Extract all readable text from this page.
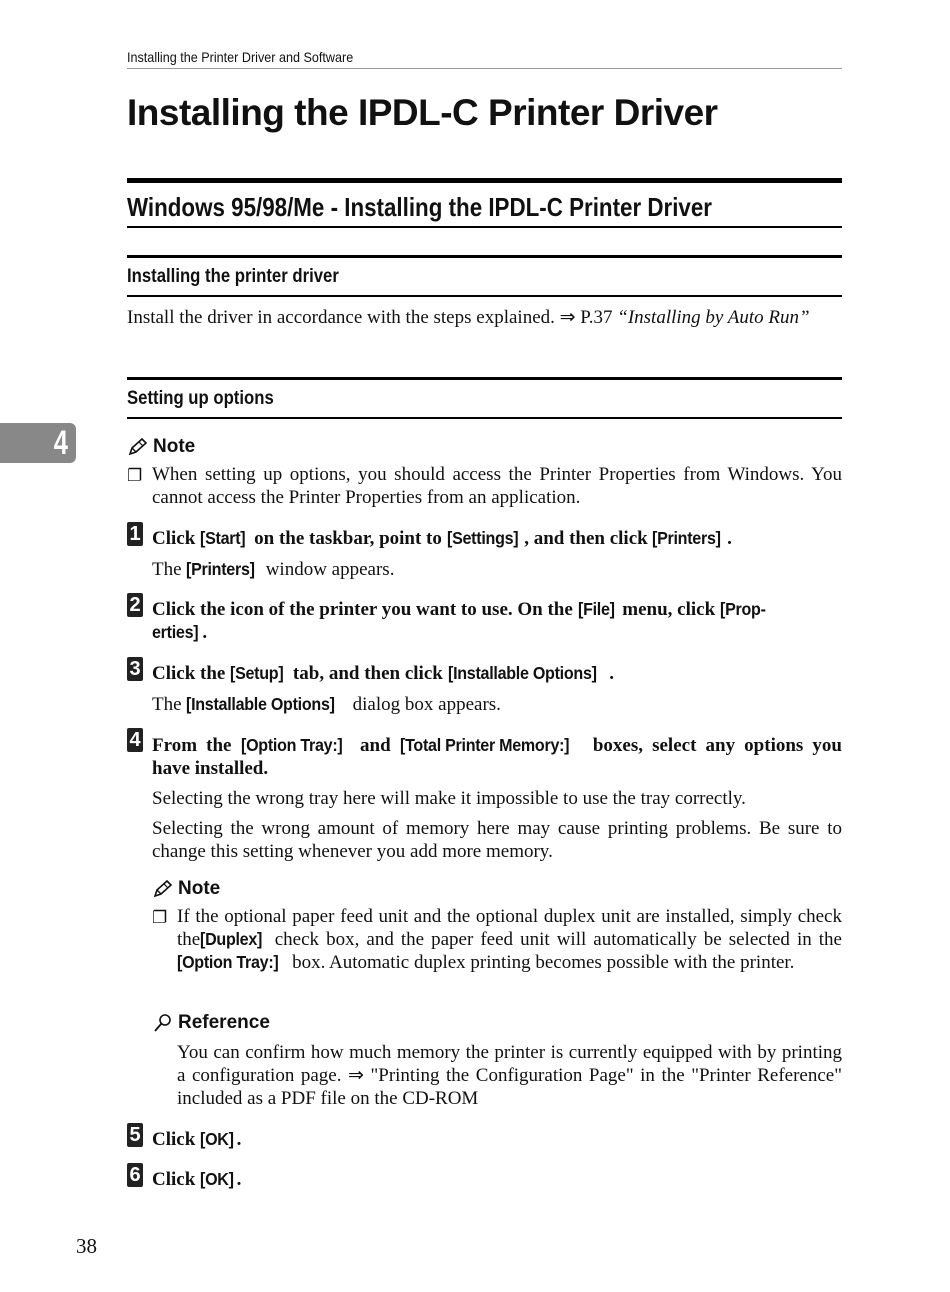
Installing the Printer Driver and Software
Installing the IPDL-C Printer Driver
Windows 95/98/Me - Installing the IPDL-C Printer Driver
Installing the printer driver
Install the driver in accordance with the steps explained. ⇒ P.37 “Installing by Auto Run”
Setting up options
4	Note
❐ When setting up options, you should access the Printer Properties from Windows. You cannot access the Printer Properties from an application.
1 Click [Start] on the taskbar, point to [Settings] , and then click [Printers] .
The [Printers] window appears.
2 Click the icon of the printer you want to use. On the [File] menu, click [Prop-
erties] .
3 Click the [Setup] tab, and then click [Installable Options] .
The [Installable Options] dialog box appears.
4 From the [Option Tray:] and [Total Printer Memory:] boxes, select any options you have installed.
Selecting the wrong tray here will make it impossible to use the tray correctly.
Selecting the wrong amount of memory here may cause printing problems. Be sure to change this setting whenever you add more memory.
Note
❐ If the optional paper feed unit and the optional duplex unit are installed, simply check the[Duplex] check box, and the paper feed unit will automatically be selected in the[Option Tray:] box. Automatic duplex printing becomes possible with the printer.
Reference
You can confirm how much memory the printer is currently equipped with by printing a configuration page. ⇒ "Printing the Configuration Page" in the "Printer Reference" included as a PDF file on the CD-ROM
5 Click [OK] .
6 Click [OK] .
38
